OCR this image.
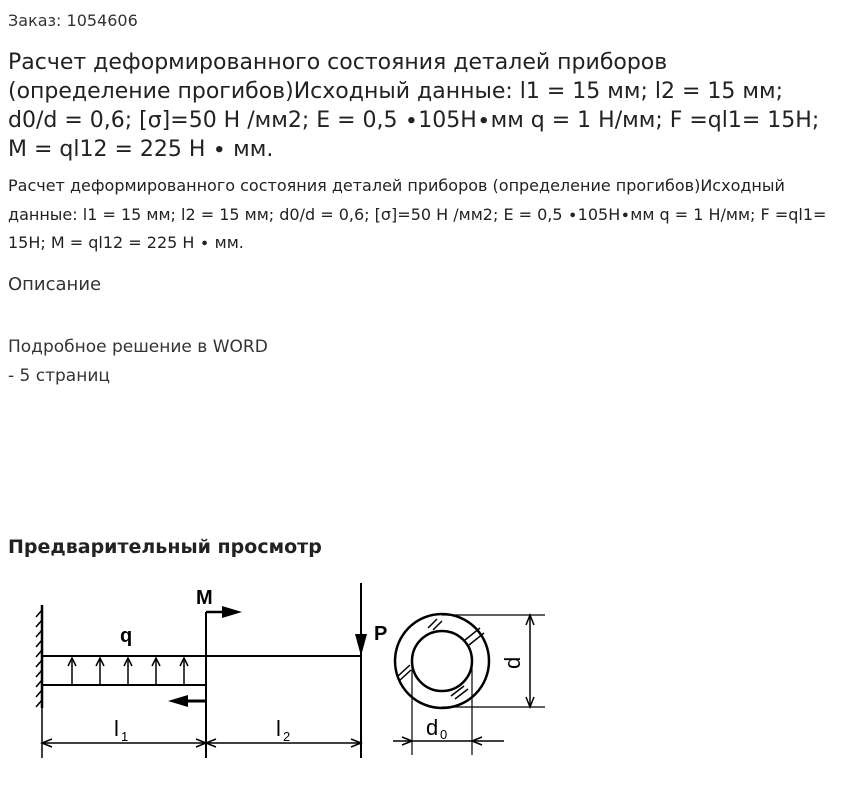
Заказ: 1054606
Расчет деформированного состояния деталей приборов (определение прогибов)Исходный данные: l1 = 15 мм; l2 = 15 мм; d0/d = 0,6; [σ]=50 Н /мм2; Е = 0,5 ∙105Н∙мм q = 1 Н/мм; F =ql1= 15Н; М = ql12 = 225 Н ∙ мм.

Расчет деформированного состояния деталей приборов (определение прогибов)Исходный данные: l1 = 15 мм; l2 = 15 мм; d0/d = 0,6; [σ]=50 Н /мм2; Е = 0,5 ∙105Н∙мм q = 1 Н/мм; F =ql1= 15Н; М = ql12 = 225 Н ∙ мм.

Описание

Подробное решение в WORD - 5 страниц

Предварительный просмотр
M
q	P
l 1	l 2
d
d 0
